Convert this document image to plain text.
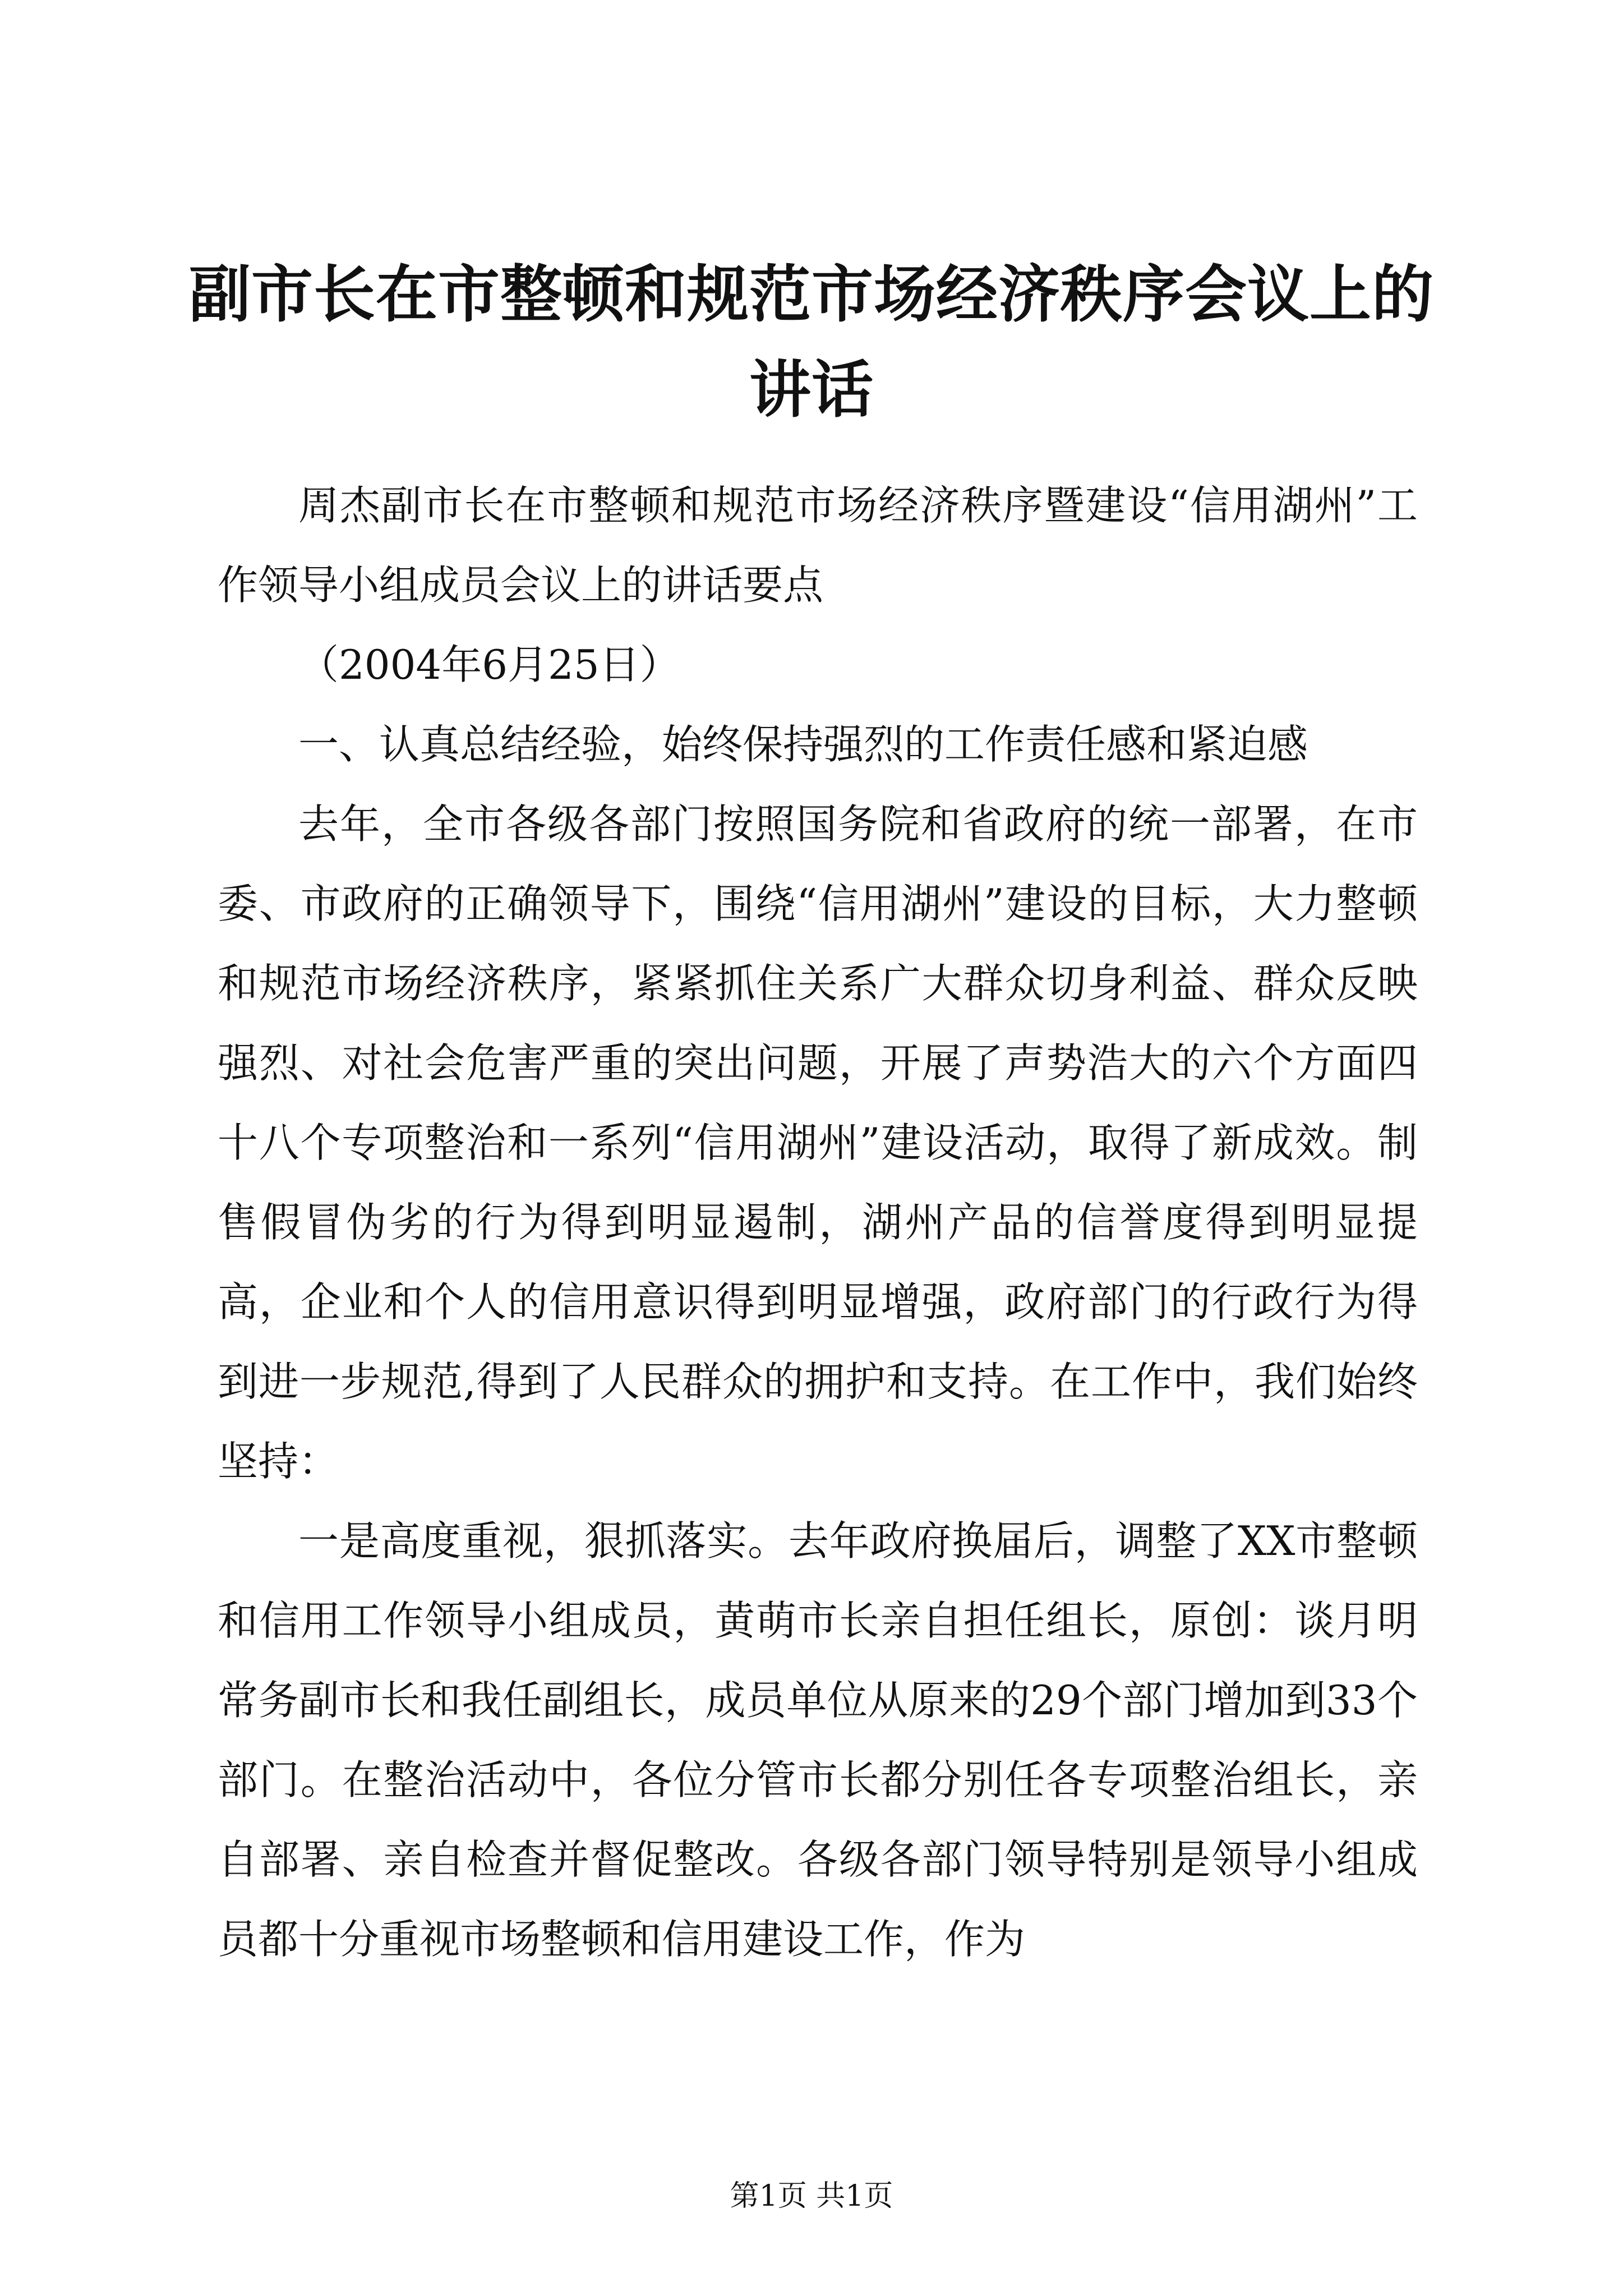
副市长在市整顿和规范市场经济秩序会议上的讲话

周杰副市长在市整顿和规范市场经济秩序暨建设“信用湖州”工作领导小组成员会议上的讲话要点

（2004年6月25日）

一、认真总结经验，始终保持强烈的工作责任感和紧迫感

去年，全市各级各部门按照国务院和省政府的统一部署，在市委、市政府的正确领导下，围绕“信用湖州”建设的目标，大力整顿和规范市场经济秩序，紧紧抓住关系广大群众切身利益、群众反映强烈、对社会危害严重的突出问题，开展了声势浩大的六个方面四十八个专项整治和一系列“信用湖州”建设活动，取得了新成效。制售假冒伪劣的行为得到明显遏制，湖州产品的信誉度得到明显提高，企业和个人的信用意识得到明显增强，政府部门的行政行为得到进一步规范,得到了人民群众的拥护和支持。在工作中，我们始终坚持：

一是高度重视，狠抓落实。去年政府换届后，调整了XX市整顿和信用工作领导小组成员，黄萌市长亲自担任组长，原创：谈月明常务副市长和我任副组长，成员单位从原来的29个部门增加到33个部门。在整治活动中，各位分管市长都分别任各专项整治组长，亲自部署、亲自检查并督促整改。各级各部门领导特别是领导小组成员都十分重视市场整顿和信用建设工作，作为

第1页 共1页
